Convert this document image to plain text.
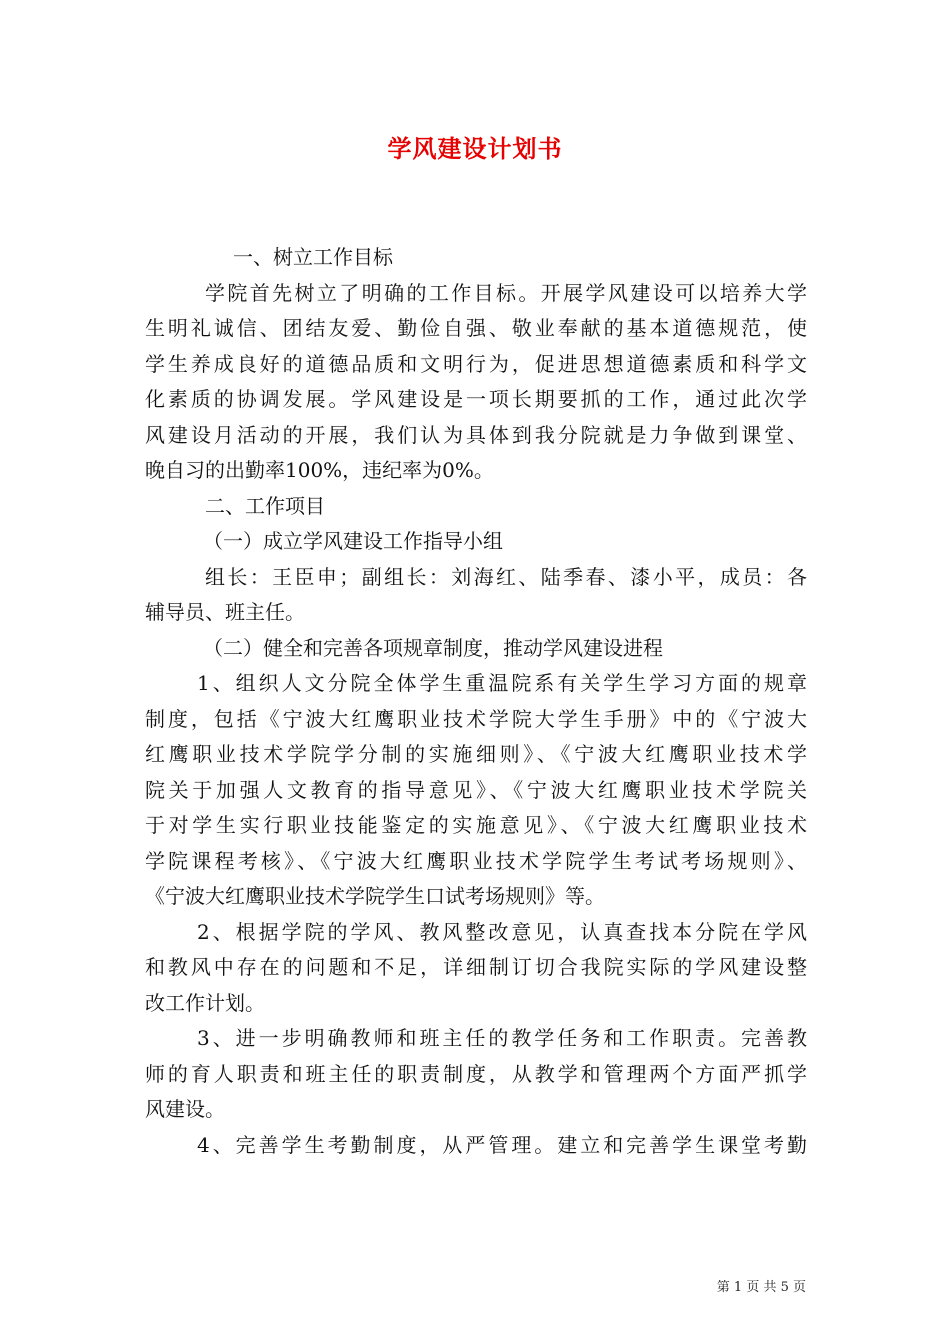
学风建设计划书

一、树立工作目标

学院首先树立了明确的工作目标。开展学风建设可以培养大学

生明礼诚信、团结友爱、勤俭自强、敬业奉献的基本道德规范，使

学生养成良好的道德品质和文明行为，促进思想道德素质和科学文

化素质的协调发展。学风建设是一项长期要抓的工作，通过此次学

风建设月活动的开展，我们认为具体到我分院就是力争做到课堂、

晚自习的出勤率100%，违纪率为0%。

二、工作项目

（一）成立学风建设工作指导小组

组长：王臣申；副组长：刘海红、陆季春、漆小平，成员：各

辅导员、班主任。

（二）健全和完善各项规章制度，推动学风建设进程

1、组织人文分院全体学生重温院系有关学生学习方面的规章

制度，包括《宁波大红鹰职业技术学院大学生手册》中的《宁波大

红鹰职业技术学院学分制的实施细则》、《宁波大红鹰职业技术学

院关于加强人文教育的指导意见》、《宁波大红鹰职业技术学院关

于对学生实行职业技能鉴定的实施意见》、《宁波大红鹰职业技术

学院课程考核》、《宁波大红鹰职业技术学院学生考试考场规则》、

《宁波大红鹰职业技术学院学生口试考场规则》等。

2、根据学院的学风、教风整改意见，认真查找本分院在学风

和教风中存在的问题和不足，详细制订切合我院实际的学风建设整

改工作计划。

3、进一步明确教师和班主任的教学任务和工作职责。完善教

师的育人职责和班主任的职责制度，从教学和管理两个方面严抓学

风建设。

4、完善学生考勤制度，从严管理。建立和完善学生课堂考勤

第 1 页 共 5 页
